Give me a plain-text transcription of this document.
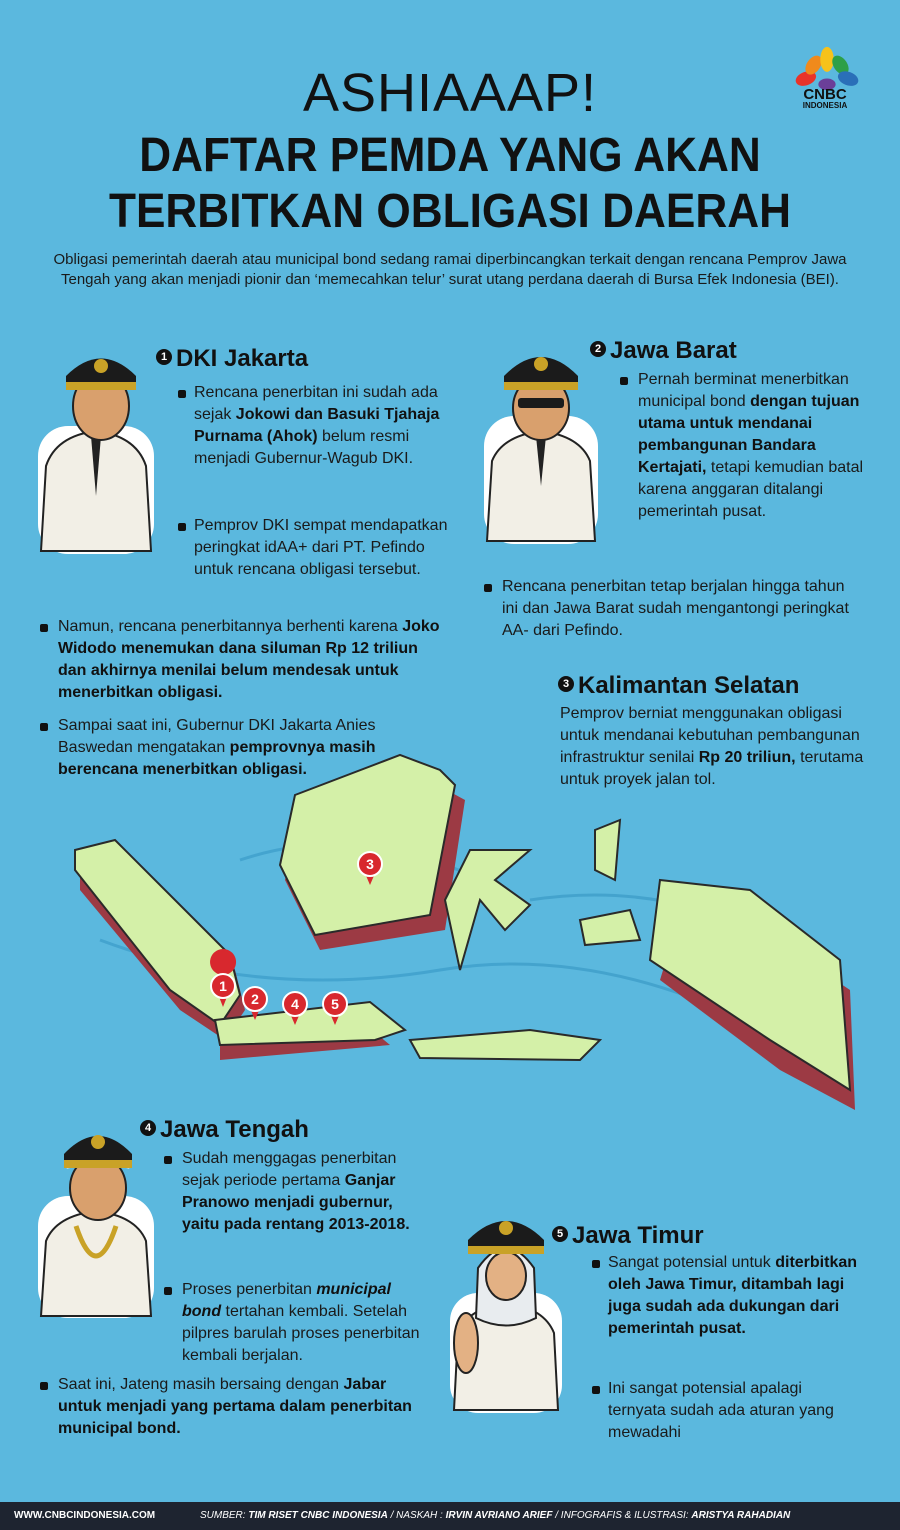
ASHIAAAP!
DAFTAR PEMDA YANG AKAN
TERBITKAN OBLIGASI DAERAH
CNBC
INDONESIA
Obligasi pemerintah daerah atau municipal bond sedang ramai diperbincangkan terkait dengan rencana Pemprov Jawa Tengah yang akan menjadi pionir dan ‘memecahkan telur’ surat utang perdana daerah di Bursa Efek Indonesia (BEI).
1
2
3
4 5
1 DKI Jakarta
Rencana penerbitan ini sudah ada sejak Jokowi dan Basuki Tjahaja Purnama (Ahok) belum resmi menjadi Gubernur-Wagub DKI.
Pemprov DKI sempat mendapatkan peringkat idAA+ dari PT. Pefindo untuk rencana obligasi tersebut.
Namun, rencana penerbitannya berhenti karena Joko Widodo menemukan dana siluman Rp 12 triliun dan akhirnya menilai belum mendesak untuk menerbitkan obligasi.
Sampai saat ini, Gubernur DKI Jakarta Anies Baswedan mengatakan pemprovnya masih berencana menerbitkan obligasi.
2 Jawa Barat
Pernah berminat menerbitkan municipal bond dengan tujuan utama untuk mendanai pembangunan Bandara Kertajati, tetapi kemudian batal karena anggaran ditalangi pemerintah pusat.
Rencana penerbitan tetap berjalan hingga tahun ini dan Jawa Barat sudah mengantongi peringkat AA- dari Pefindo.
3 Kalimantan Selatan
Pemprov berniat menggunakan obligasi untuk mendanai kebutuhan pembangunan infrastruktur senilai Rp 20 triliun, terutama untuk proyek jalan tol.
4 Jawa Tengah
Sudah menggagas penerbitan sejak periode pertama Ganjar Pranowo menjadi gubernur, yaitu pada rentang 2013-2018.
Proses penerbitan municipal bond tertahan kembali. Setelah pilpres barulah proses penerbitan kembali berjalan.
Saat ini, Jateng masih bersaing dengan Jabar untuk menjadi yang pertama dalam penerbitan municipal bond.
5 Jawa Timur
Sangat potensial untuk diterbitkan oleh Jawa Timur, ditambah lagi juga sudah ada dukungan dari pemerintah pusat.
Ini sangat potensial apalagi ternyata sudah ada aturan yang mewadahi
WWW.CNBCINDONESIA.COM	SUMBER: TIM RISET CNBC INDONESIA / NASKAH : IRVIN AVRIANO ARIEF / INFOGRAFIS & ILUSTRASI: ARISTYA RAHADIAN
